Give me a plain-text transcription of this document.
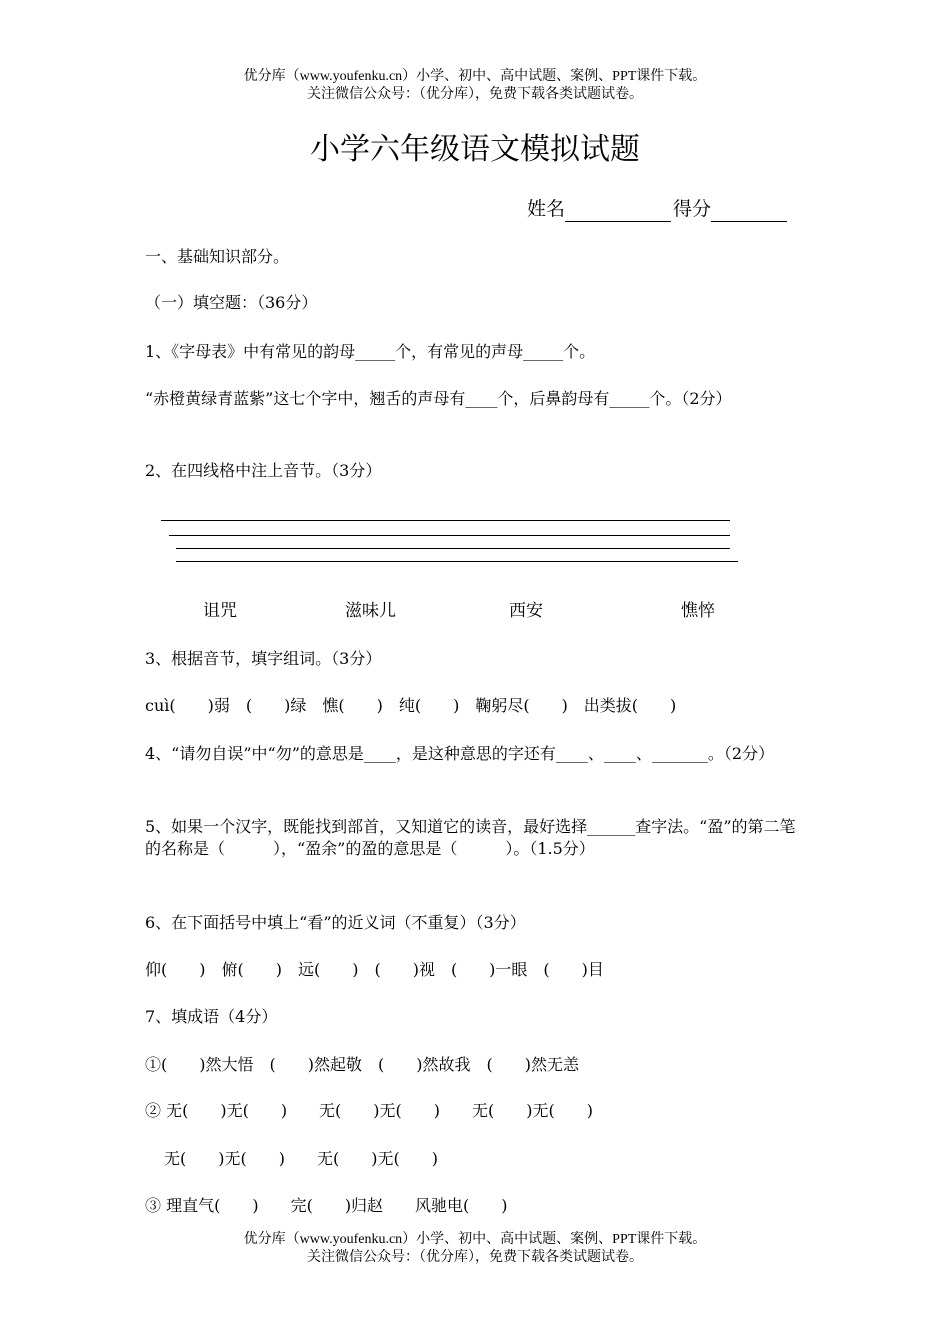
优分库（www.youfenku.cn）小学、初中、高中试题、案例、PPT课件下载。
关注微信公众号：（优分库），免费下载各类试题试卷。
小学六年级语文模拟试题
姓名	得分
一、基础知识部分。
（一）填空题：（36分）
1、《字母表》中有常见的韵母_____个，有常见的声母_____个。
“赤橙黄绿青蓝紫”这七个字中，翘舌的声母有____个，后鼻韵母有_____个。（2分）
2、在四线格中注上音节。（3分）
诅咒	滋味儿	西安	憔悴
3、根据音节，填字组词。（3分）
cuì(　　)弱　(　　)绿　憔(　　)　纯(　　)　鞠躬尽(　　)　出类拔(　　)
4、“请勿自误”中“勿”的意思是____，是这种意思的字还有____、____、_______。（2分）
5、如果一个汉字，既能找到部首，又知道它的读音，最好选择______查字法。“盈”的第二笔的名称是（　　　），“盈余”的盈的意思是（　　　）。（1.5分）
6、在下面括号中填上“看”的近义词（不重复）（3分）
仰(　　)　俯(　　)　远(　　)　(　　)视　(　　)一眼　(　　)目
7、填成语（4分）
①(　　)然大悟　(　　)然起敬　(　　)然故我　(　　)然无恙
② 无(　　)无(　　)　　无(　　)无(　　)　　无(　　)无(　　)
无(　　)无(　　)　　无(　　)无(　　)
③ 理直气(　　)　　完(　　)归赵　　风驰电(　　)
优分库（www.youfenku.cn）小学、初中、高中试题、案例、PPT课件下载。
关注微信公众号：（优分库），免费下载各类试题试卷。
